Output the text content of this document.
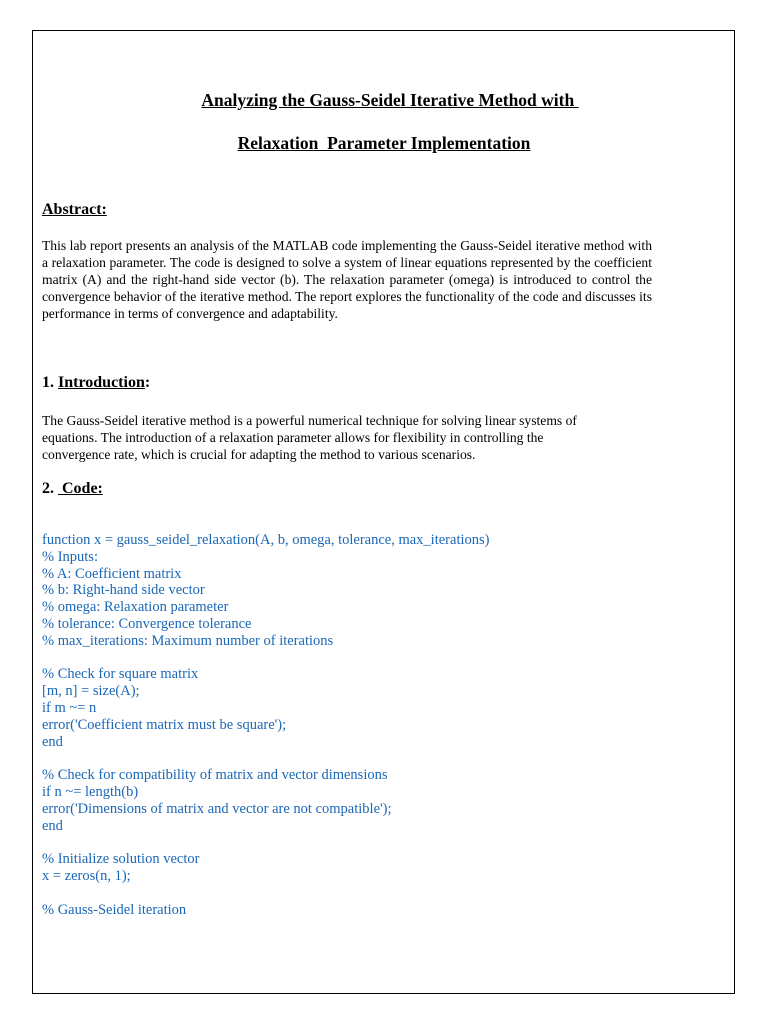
Analyzing the Gauss-Seidel Iterative Method with
Relaxation  Parameter Implementation
Abstract:

This lab report presents an analysis of the MATLAB code implementing the Gauss-Seidel iterative method with a relaxation parameter. The code is designed to solve a system of linear equations represented by the coefficient matrix (A) and the right-hand side vector (b). The relaxation parameter (omega) is introduced to control the convergence behavior of the iterative method. The report explores the functionality of the code and discusses its performance in terms of convergence and adaptability.

1. Introduction:
The Gauss-Seidel iterative method is a powerful numerical technique for solving linear systems of
equations. The introduction of a relaxation parameter allows for flexibility in controlling the
convergence rate, which is crucial for adapting the method to various scenarios.
2.  Code:
function x = gauss_seidel_relaxation(A, b, omega, tolerance, max_iterations)
% Inputs:
% A: Coefficient matrix
% b: Right-hand side vector
% omega: Relaxation parameter
% tolerance: Convergence tolerance
% max_iterations: Maximum number of iterations
% Check for square matrix
[m, n] = size(A);
if m ~= n
error('Coefficient matrix must be square');
end
% Check for compatibility of matrix and vector dimensions
if n ~= length(b)
error('Dimensions of matrix and vector are not compatible');
end
% Initialize solution vector
x = zeros(n, 1);
% Gauss-Seidel iteration
